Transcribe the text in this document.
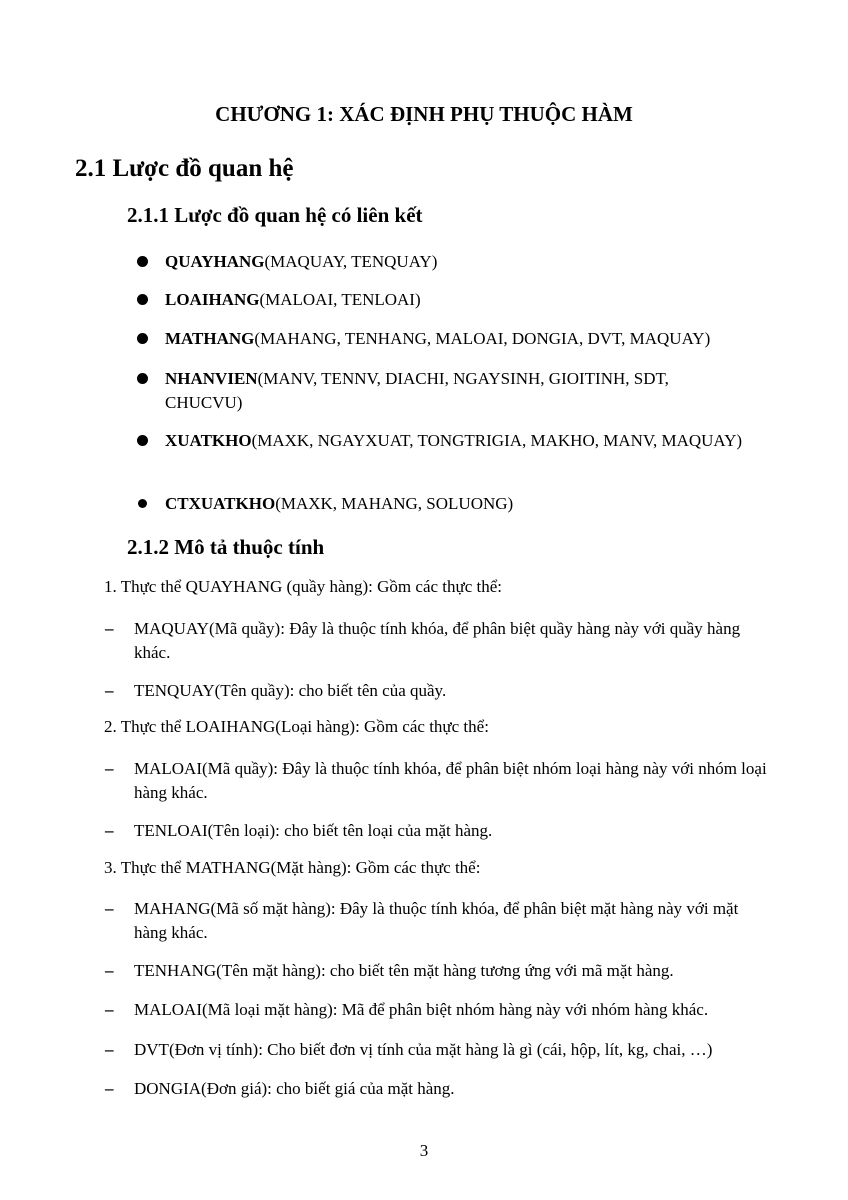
CHƯƠNG 1: XÁC ĐỊNH PHỤ THUỘC HÀM
2.1 Lược đồ quan hệ
2.1.1 Lược đồ quan hệ có liên kết
QUAYHANG(MAQUAY, TENQUAY)
LOAIHANG(MALOAI, TENLOAI)
MATHANG(MAHANG, TENHANG, MALOAI, DONGIA, DVT, MAQUAY)
NHANVIEN(MANV, TENNV, DIACHI, NGAYSINH, GIOITINH, SDT, CHUCVU)
XUATKHO(MAXK, NGAYXUAT, TONGTRIGIA, MAKHO, MANV, MAQUAY)
CTXUATKHO(MAXK, MAHANG, SOLUONG)
2.1.2 Mô tả thuộc tính
1. Thực thể QUAYHANG (quầy hàng): Gồm các thực thể:
– MAQUAY(Mã quầy): Đây là thuộc tính khóa, để phân biệt quầy hàng này với quầy hàng khác.
– TENQUAY(Tên quầy): cho biết tên của quầy.
2. Thực thể LOAIHANG(Loại hàng): Gồm các thực thể:
– MALOAI(Mã quầy): Đây là thuộc tính khóa, để phân biệt nhóm loại hàng này với nhóm loại hàng khác.
– TENLOAI(Tên loại): cho biết tên loại của mặt hàng.
3. Thực thể MATHANG(Mặt hàng): Gồm các thực thể:
– MAHANG(Mã số mặt hàng): Đây là thuộc tính khóa, để phân biệt mặt hàng này với mặt hàng khác.
– TENHANG(Tên mặt hàng): cho biết tên mặt hàng tương ứng với mã mặt hàng.
– MALOAI(Mã loại mặt hàng): Mã để phân biệt nhóm hàng này với nhóm hàng khác.
– DVT(Đơn vị tính): Cho biết đơn vị tính của mặt hàng là gì (cái, hộp, lít, kg, chai, …)
– DONGIA(Đơn giá): cho biết giá của mặt hàng.
3
